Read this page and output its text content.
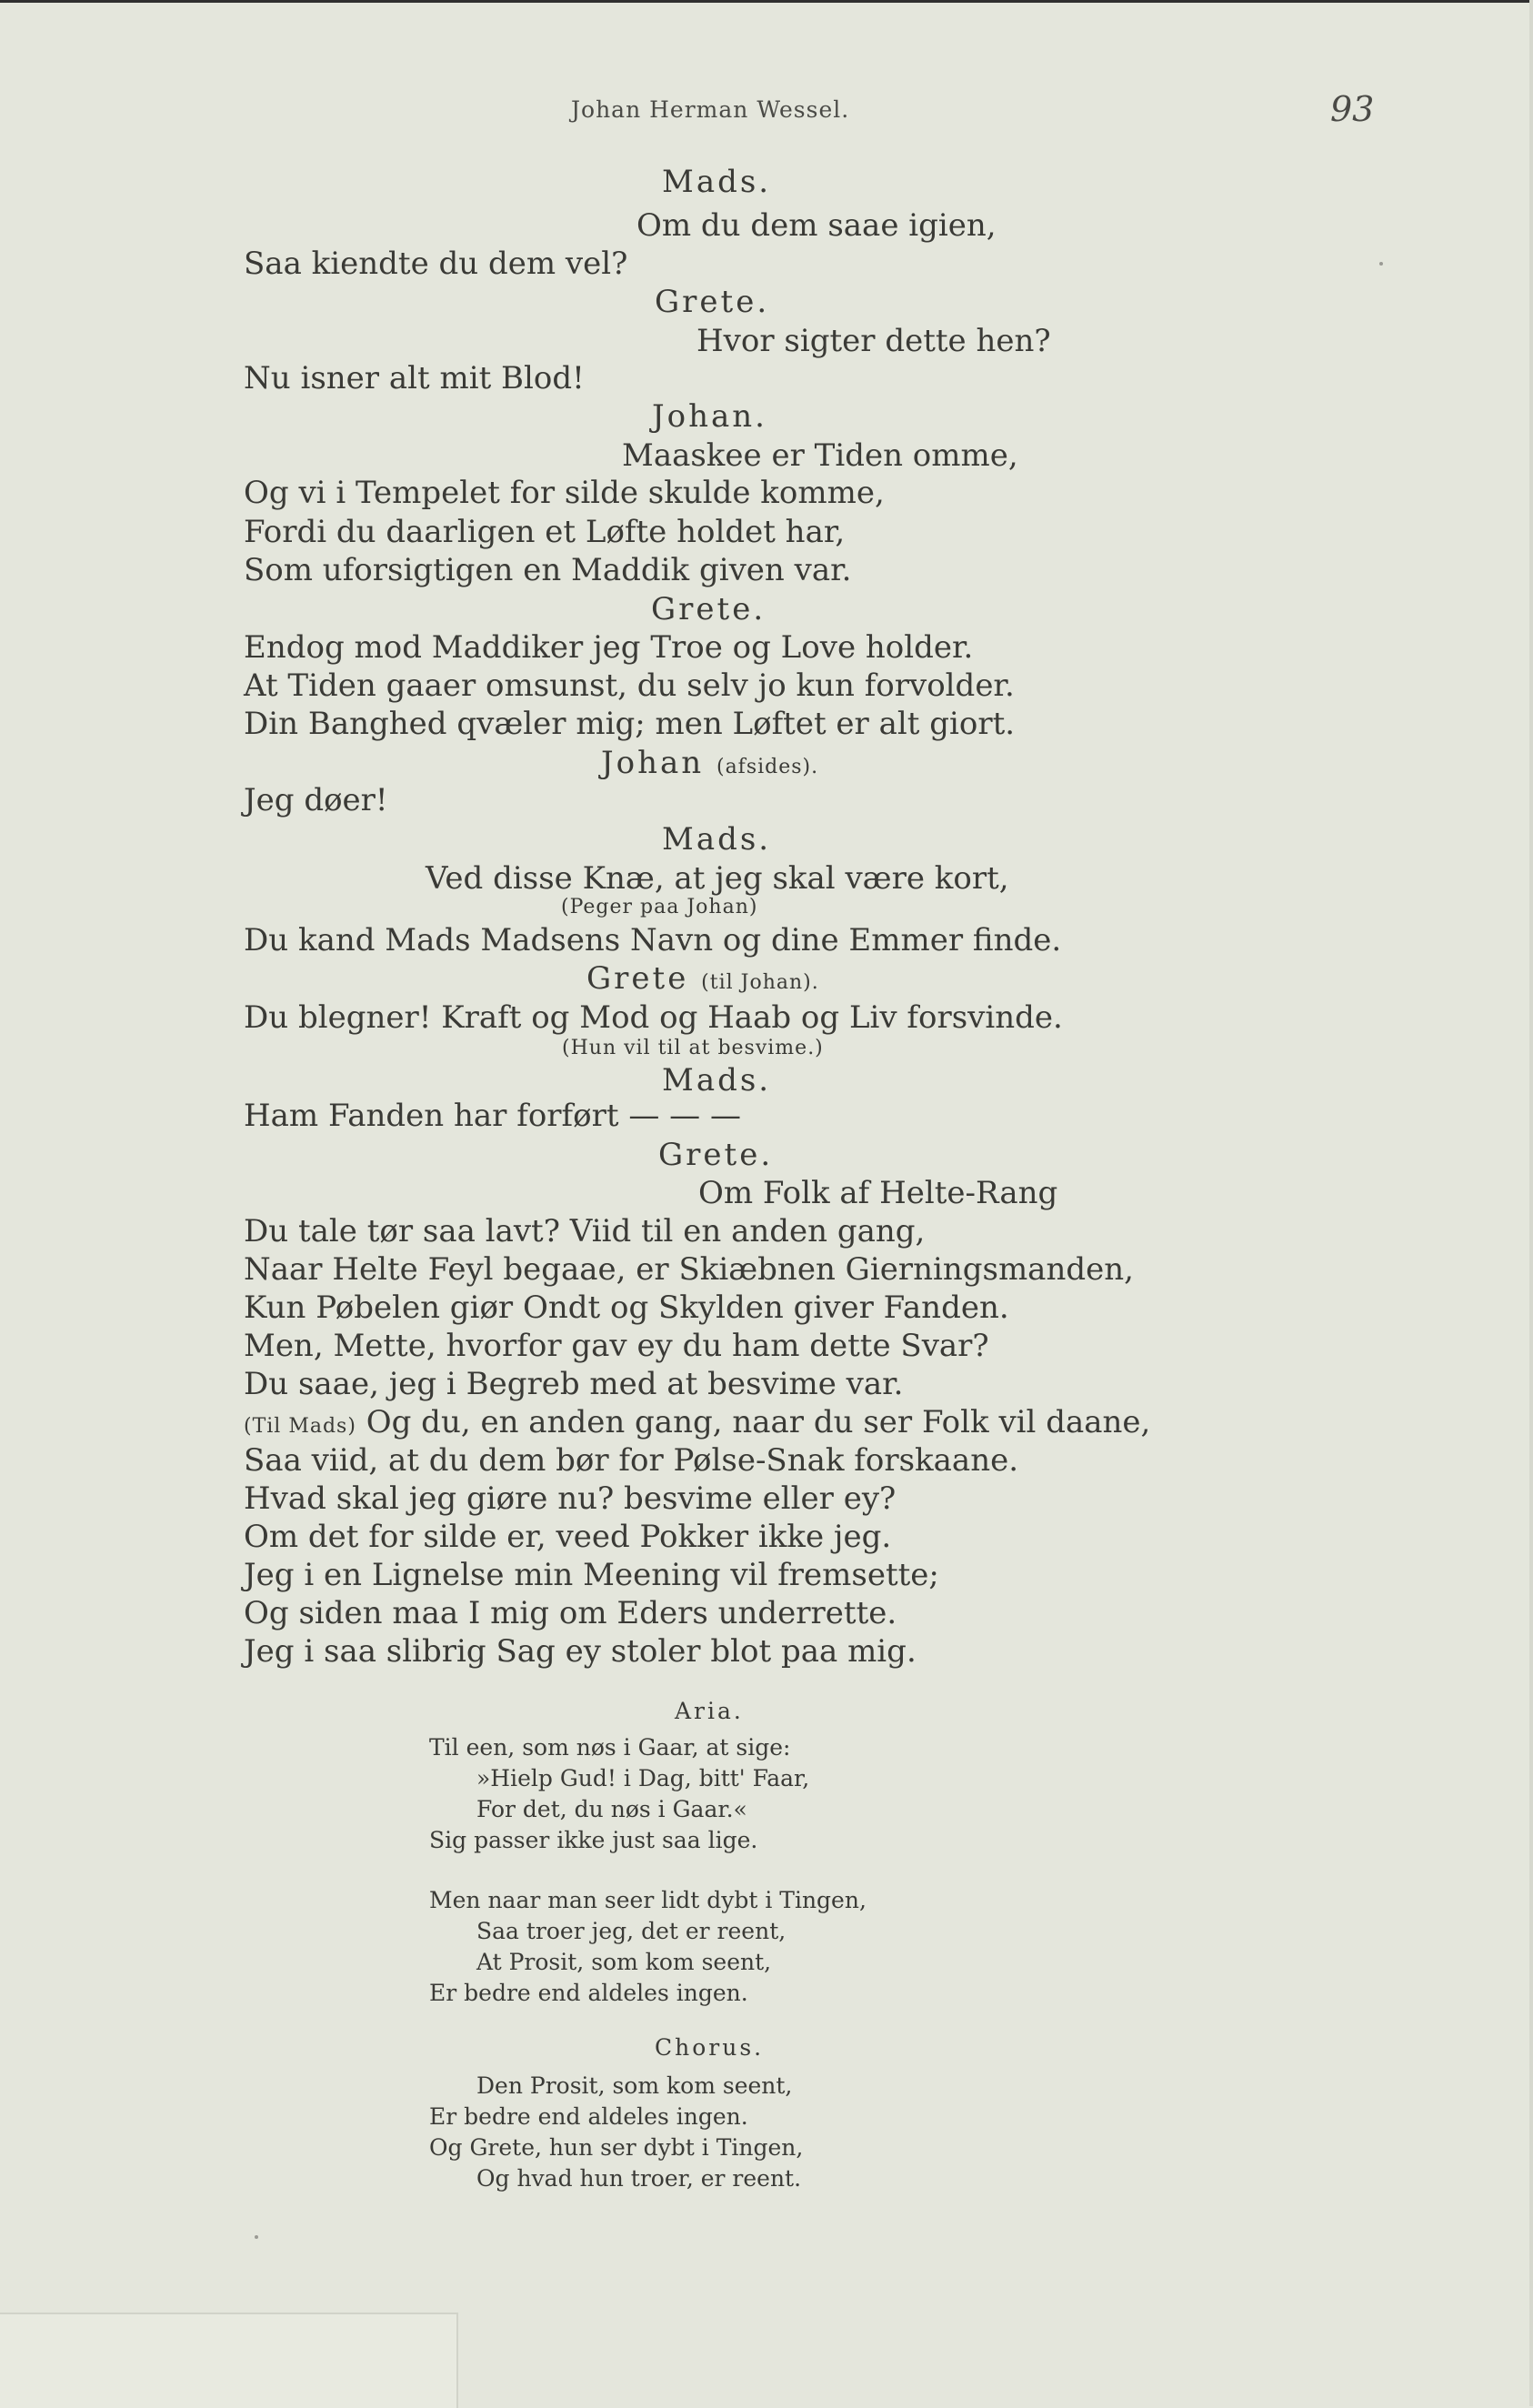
Johan Herman Wessel.	93
Mads.
Om du dem saae igien,
Saa kiendte du dem vel?
Grete.
Hvor sigter dette hen?
Nu isner alt mit Blod!
Johan.
Maaskee er Tiden omme,
Og vi i Tempelet for silde skulde komme,
Fordi du daarligen et Løfte holdet har,
Som uforsigtigen en Maddik given var.
Grete.
Endog mod Maddiker jeg Troe og Love holder.
At Tiden gaaer omsunst, du selv jo kun forvolder.
Din Banghed qvæler mig; men Løftet er alt giort.
Johan (afsides).
Jeg døer!
Mads.
Ved disse Knæ, at jeg skal være kort,
(Peger paa Johan)
Du kand Mads Madsens Navn og dine Emmer finde.
Grete (til Johan).
Du blegner! Kraft og Mod og Haab og Liv forsvinde.
(Hun vil til at besvime.)
Mads.
Ham Fanden har forført — — —
Grete.
Om Folk af Helte-Rang
Du tale tør saa lavt? Viid til en anden gang,
Naar Helte Feyl begaae, er Skiæbnen Gierningsmanden,
Kun Pøbelen giør Ondt og Skylden giver Fanden.
Men, Mette, hvorfor gav ey du ham dette Svar?
Du saae, jeg i Begreb med at besvime var.
(Til Mads) Og du, en anden gang, naar du ser Folk vil daane,
Saa viid, at du dem bør for Pølse-Snak forskaane.
Hvad skal jeg giøre nu? besvime eller ey?
Om det for silde er, veed Pokker ikke jeg.
Jeg i en Lignelse min Meening vil fremsette;
Og siden maa I mig om Eders underrette.
Jeg i saa slibrig Sag ey stoler blot paa mig.
Aria.
Til een, som nøs i Gaar, at sige:
»Hielp Gud! i Dag, bitt' Faar,
For det, du nøs i Gaar.«
Sig passer ikke just saa lige.
Men naar man seer lidt dybt i Tingen,
Saa troer jeg, det er reent,
At Prosit, som kom seent,
Er bedre end aldeles ingen.
Chorus.
Den Prosit, som kom seent,
Er bedre end aldeles ingen.
Og Grete, hun ser dybt i Tingen,
Og hvad hun troer, er reent.
